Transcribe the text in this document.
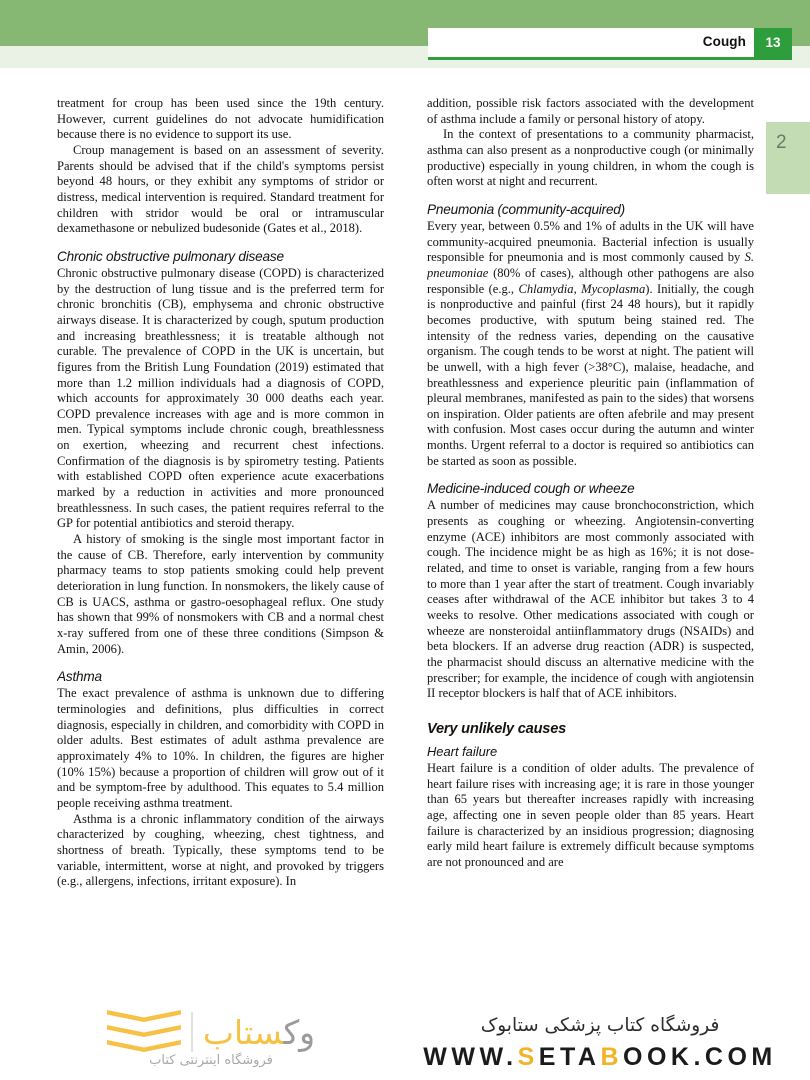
Cough	13
2

treatment for croup has been used since the 19th century. However, current guidelines do not advocate humidification because there is no evidence to support its use.

Croup management is based on an assessment of severity. Parents should be advised that if the child's symptoms persist beyond 48 hours, or they exhibit any symptoms of stridor or distress, medical intervention is required. Standard treatment for children with stridor would be oral or intramuscular dexamethasone or nebulized budesonide (Gates et al., 2018).

Chronic obstructive pulmonary disease

Chronic obstructive pulmonary disease (COPD) is characterized by the destruction of lung tissue and is the preferred term for chronic bronchitis (CB), emphysema and chronic obstructive airways disease. It is characterized by cough, sputum production and increasing breathlessness; it is treatable although not curable. The prevalence of COPD in the UK is uncertain, but figures from the British Lung Foundation (2019) estimated that more than 1.2 million individuals had a diagnosis of COPD, which accounts for approximately 30 000 deaths each year. COPD prevalence increases with age and is more common in men. Typical symptoms include chronic cough, breathlessness on exertion, wheezing and recurrent chest infections. Confirmation of the diagnosis is by spirometry testing. Patients with established COPD often experience acute exacerbations marked by a reduction in activities and more pronounced breathlessness. In such cases, the patient requires referral to the GP for potential antibiotics and steroid therapy.

A history of smoking is the single most important factor in the cause of CB. Therefore, early intervention by community pharmacy teams to stop patients smoking could help prevent deterioration in lung function. In nonsmokers, the likely cause of CB is UACS, asthma or gastro-oesophageal reflux. One study has shown that 99% of nonsmokers with CB and a normal chest x-ray suffered from one of these three conditions (Simpson & Amin, 2006).

Asthma

The exact prevalence of asthma is unknown due to differing terminologies and definitions, plus difficulties in correct diagnosis, especially in children, and comorbidity with COPD in older adults. Best estimates of adult asthma prevalence are approximately 4% to 10%. In children, the figures are higher (10% 15%) because a proportion of children will grow out of it and be symptom-free by adulthood. This equates to 5.4 million people receiving asthma treatment.

Asthma is a chronic inflammatory condition of the airways characterized by coughing, wheezing, chest tightness, and shortness of breath. Typically, these symptoms tend to be variable, intermittent, worse at night, and provoked by triggers (e.g., allergens, infections, irritant exposure). In

addition, possible risk factors associated with the development of asthma include a family or personal history of atopy.

In the context of presentations to a community pharmacist, asthma can also present as a nonproductive cough (or minimally productive) especially in young children, in whom the cough is often worst at night and recurrent.

Pneumonia (community-acquired)

Every year, between 0.5% and 1% of adults in the UK will have community-acquired pneumonia. Bacterial infection is usually responsible for pneumonia and is most commonly caused by S. pneumoniae (80% of cases), although other pathogens are also responsible (e.g., Chlamydia, Mycoplasma). Initially, the cough is nonproductive and painful (first 24 48 hours), but it rapidly becomes productive, with sputum being stained red. The intensity of the redness varies, depending on the causative organism. The cough tends to be worst at night. The patient will be unwell, with a high fever (>38°C), malaise, headache, and breathlessness and experience pleuritic pain (inflammation of pleural membranes, manifested as pain to the sides) that worsens on inspiration. Older patients are often afebrile and may present with confusion. Most cases occur during the autumn and winter months. Urgent referral to a doctor is required so antibiotics can be started as soon as possible.

Medicine-induced cough or wheeze

A number of medicines may cause bronchoconstriction, which presents as coughing or wheezing. Angiotensin-converting enzyme (ACE) inhibitors are most commonly associated with cough. The incidence might be as high as 16%; it is not dose-related, and time to onset is variable, ranging from a few hours to more than 1 year after the start of treatment. Cough invariably ceases after withdrawal of the ACE inhibitor but takes 3 to 4 weeks to resolve. Other medications associated with cough or wheeze are nonsteroidal antiinflammatory drugs (NSAIDs) and beta blockers. If an adverse drug reaction (ADR) is suspected, the pharmacist should discuss an alternative medicine with the prescriber; for example, the incidence of cough with angiotensin II receptor blockers is half that of ACE inhibitors.

Very unlikely causes
Heart failure

Heart failure is a condition of older adults. The prevalence of heart failure rises with increasing age; it is rare in those younger than 65 years but thereafter increases rapidly with increasing age, affecting one in seven people older than 85 years. Heart failure is characterized by an insidious progression; diagnosing early mild heart failure is extremely difficult because symptoms are not pronounced and are

وکستاب
فروشگاه اینترنتی کتاب
فروشگاه کتاب پزشکی ستابوک
WWW.SETABOOK.COM
